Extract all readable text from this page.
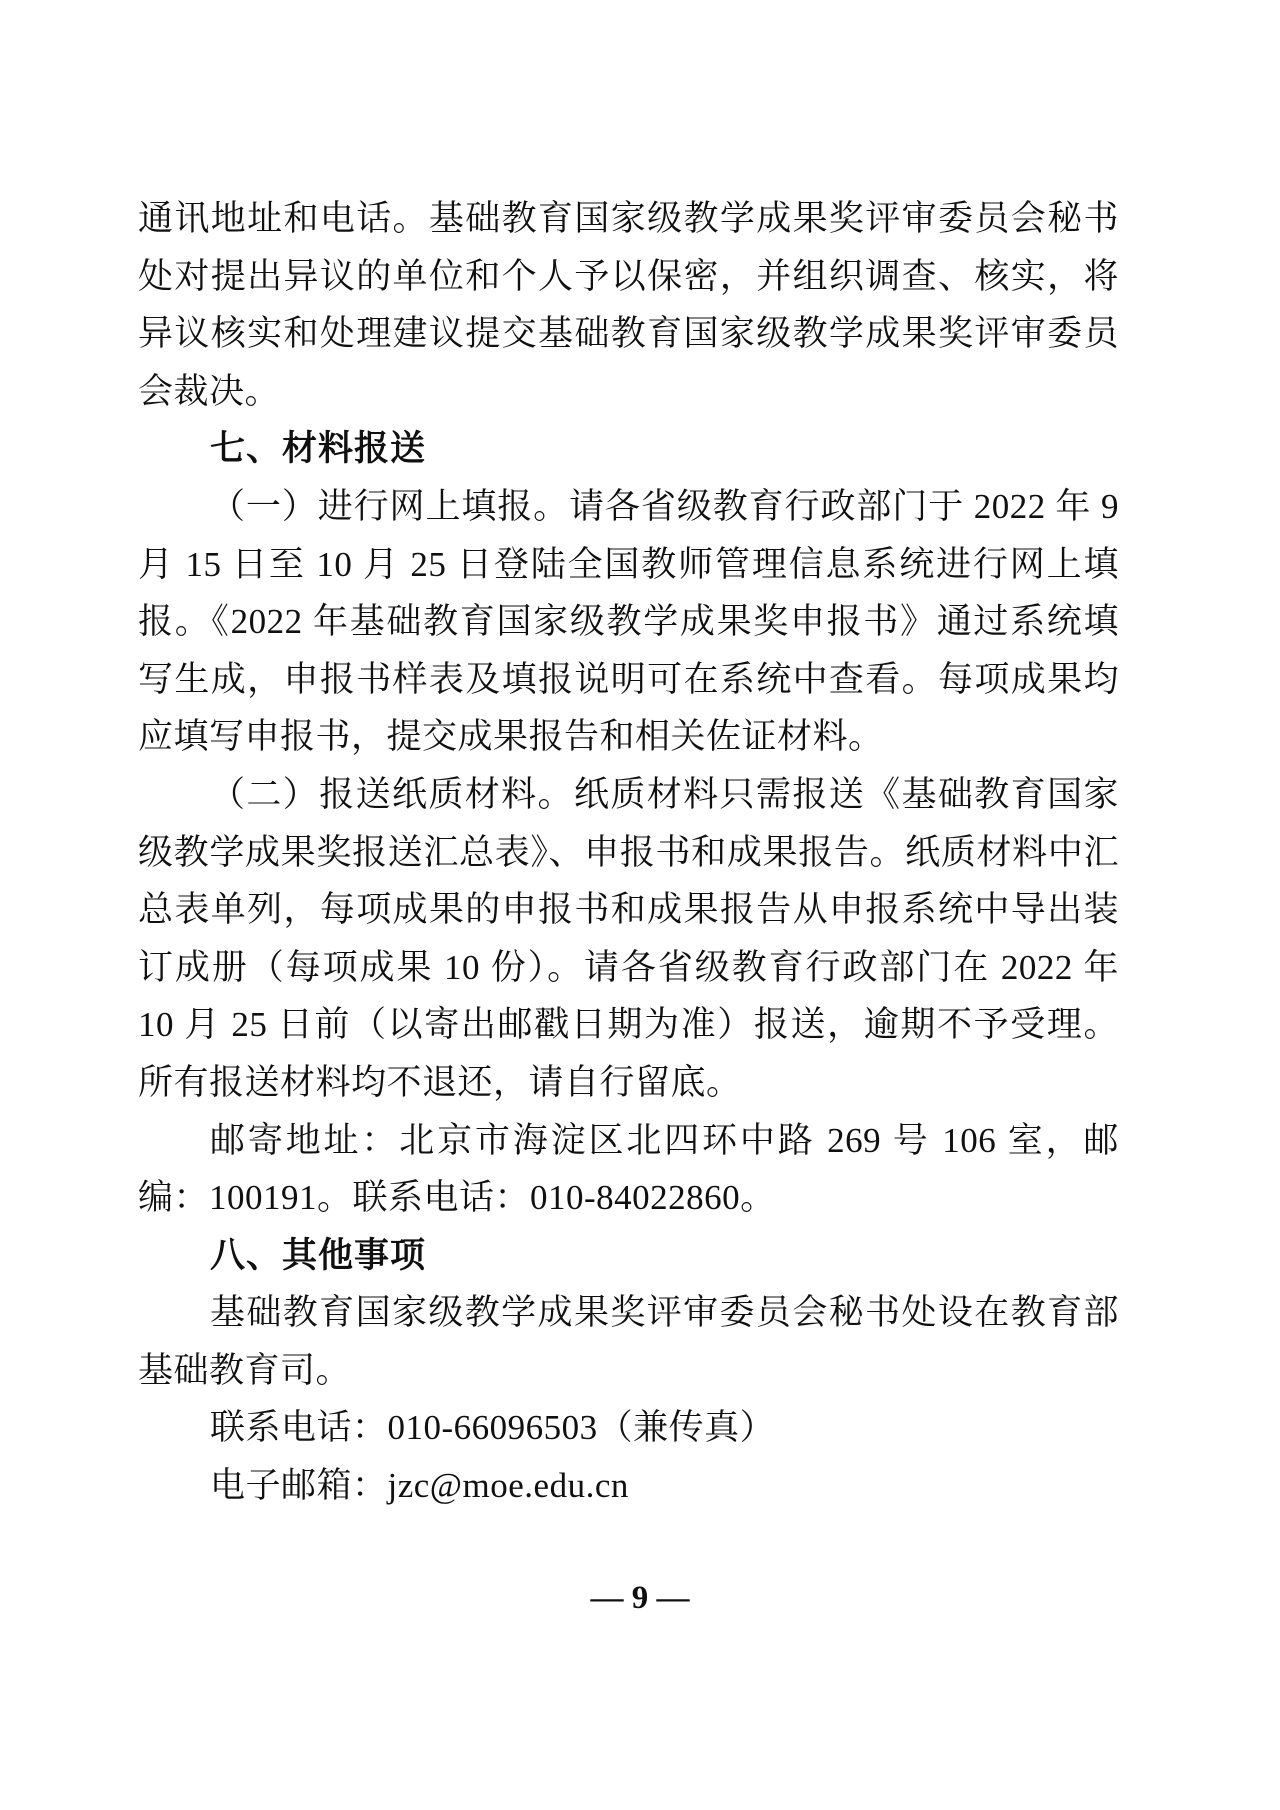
通讯地址和电话。基础教育国家级教学成果奖评审委员会秘书处对提出异议的单位和个人予以保密，并组织调查、核实，将异议核实和处理建议提交基础教育国家级教学成果奖评审委员会裁决。

七、材料报送

（一）进行网上填报。请各省级教育行政部门于 2022 年 9 月 15 日至 10 月 25 日登陆全国教师管理信息系统进行网上填报。《2022 年基础教育国家级教学成果奖申报书》通过系统填写生成，申报书样表及填报说明可在系统中查看。每项成果均应填写申报书，提交成果报告和相关佐证材料。

（二）报送纸质材料。纸质材料只需报送《基础教育国家级教学成果奖报送汇总表》、申报书和成果报告。纸质材料中汇总表单列，每项成果的申报书和成果报告从申报系统中导出装订成册（每项成果 10 份）。请各省级教育行政部门在 2022 年 10 月 25 日前（以寄出邮戳日期为准）报送，逾期不予受理。所有报送材料均不退还，请自行留底。

邮寄地址：北京市海淀区北四环中路 269 号 106 室，邮编：100191。联系电话：010-84022860。

八、其他事项

基础教育国家级教学成果奖评审委员会秘书处设在教育部基础教育司。

联系电话：010-66096503（兼传真）

电子邮箱：jzc@moe.edu.cn

— 9 —
